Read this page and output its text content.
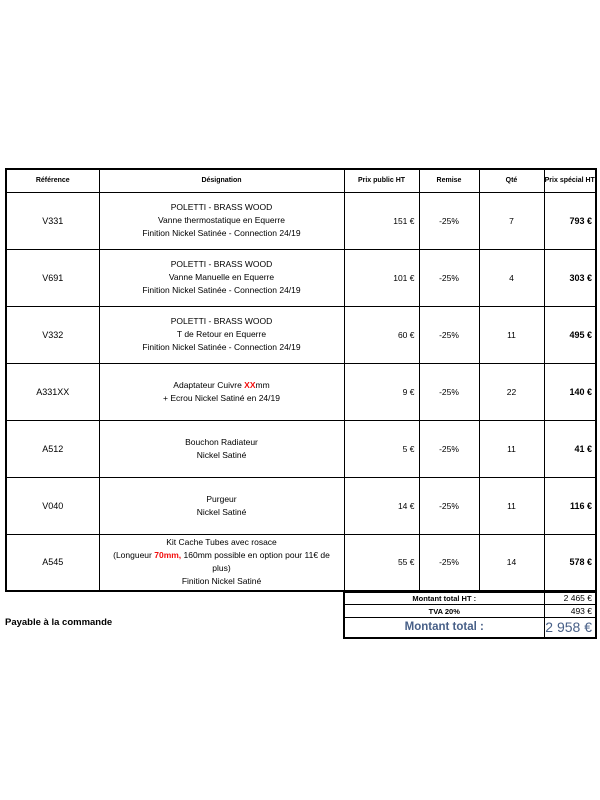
Référence	Désignation	Prix public HT	Remise	Qté	Prix spécial HT
V331	POLETTI - BRASS WOOD
Vanne thermostatique en Equerre
Finition Nickel Satinée - Connection 24/19	151 €	-25%	7	793 €
V691	POLETTI - BRASS WOOD
Vanne Manuelle en Equerre
Finition Nickel Satinée - Connection 24/19	101 €	-25%	4	303 €
V332	POLETTI - BRASS WOOD
T de Retour en Equerre
Finition Nickel Satinée - Connection 24/19	60 €	-25%	11	495 €
A331XX	Adaptateur Cuivre XXmm
+ Ecrou Nickel Satiné en 24/19	9 €	-25%	22	140 €
A512	Bouchon Radiateur
Nickel Satiné	5 €	-25%	11	41 €
V040	Purgeur
Nickel Satiné	14 €	-25%	11	116 €
A545	Kit Cache Tubes avec rosace
(Longueur 70mm, 160mm possible en option pour 11€ de plus)
Finition Nickel Satiné	55 €	-25%	14	578 €
Montant total HT :	2 465 €
TVA 20%	493 €
Montant total :	2 958 €
Payable à la commande
